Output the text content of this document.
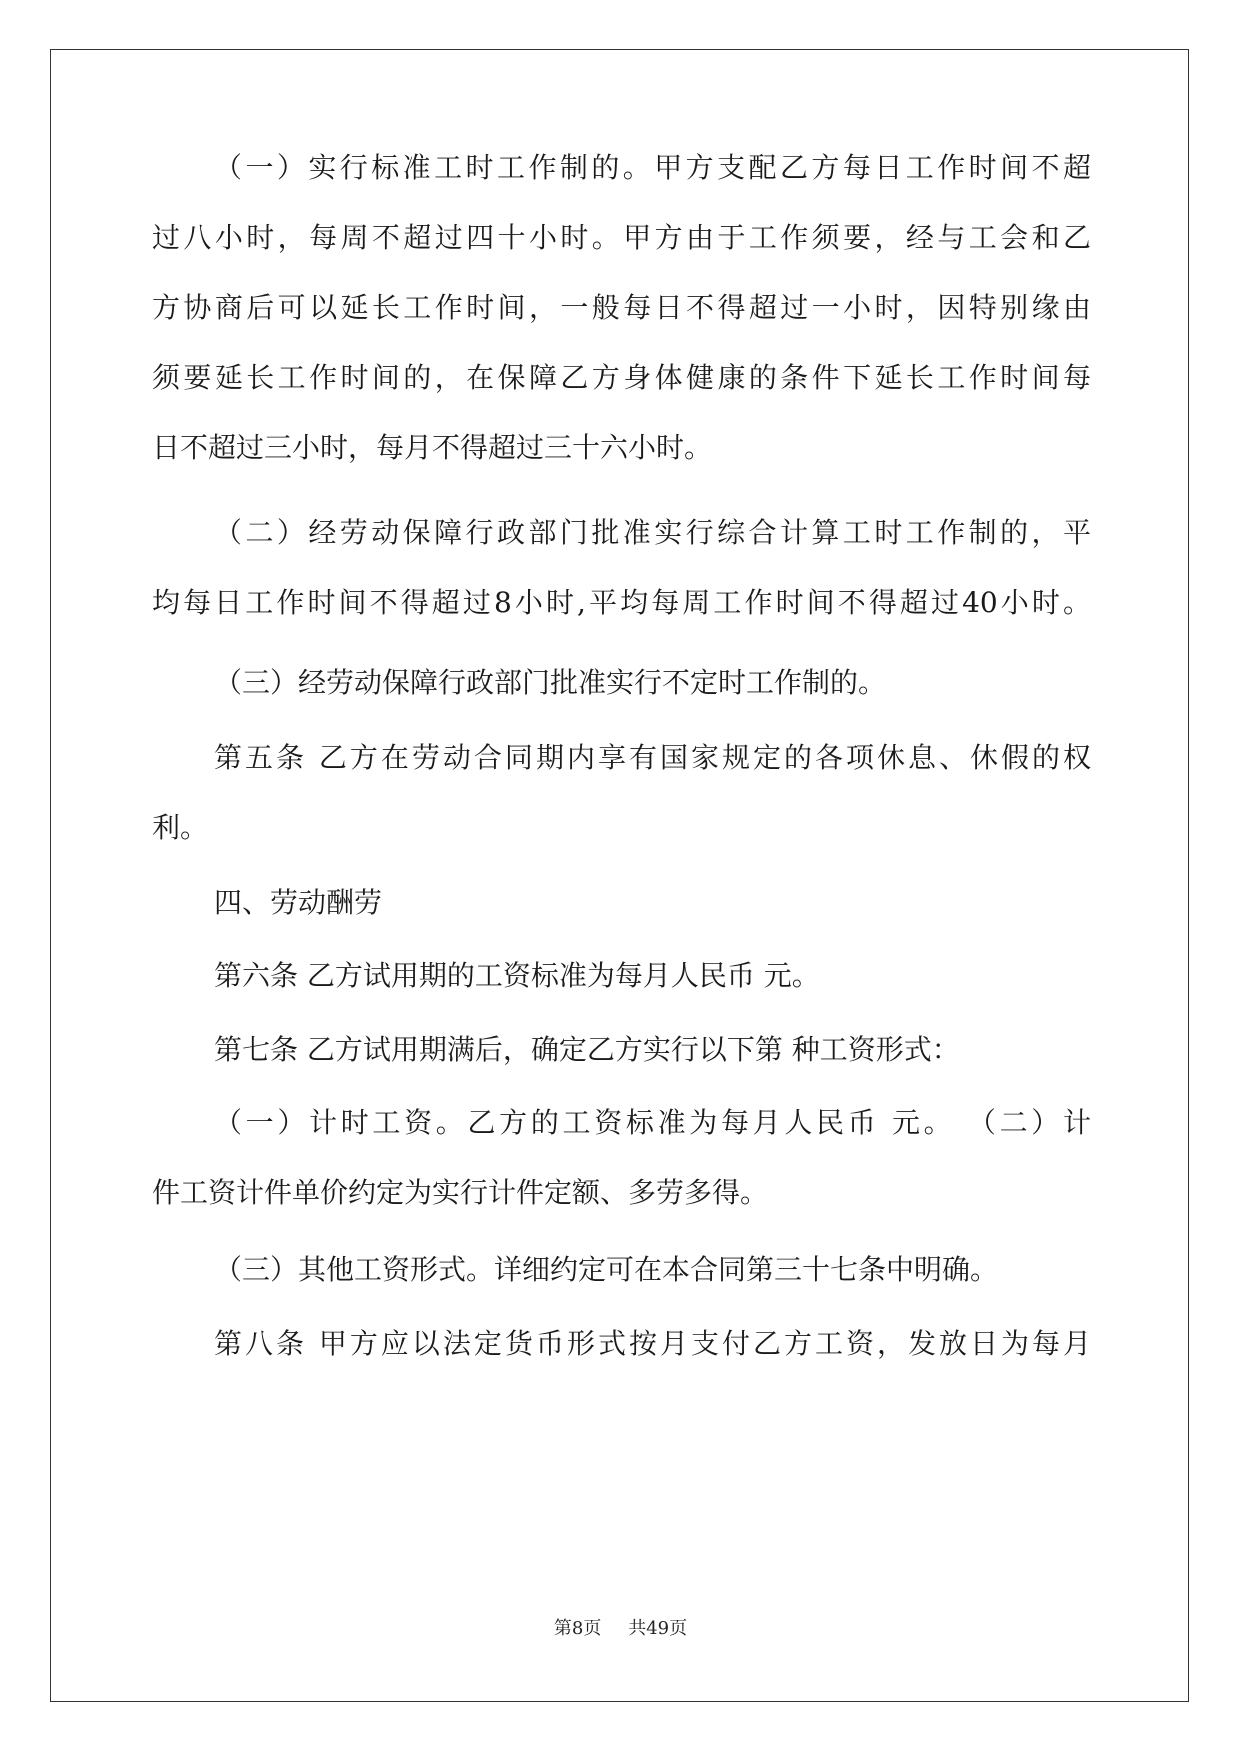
（一）实行标准工时工作制的。甲方支配乙方每日工作时间不超
过八小时，每周不超过四十小时。甲方由于工作须要，经与工会和乙
方协商后可以延长工作时间，一般每日不得超过一小时，因特别缘由
须要延长工作时间的，在保障乙方身体健康的条件下延长工作时间每
日不超过三小时，每月不得超过三十六小时。
（二）经劳动保障行政部门批准实行综合计算工时工作制的，平
均每日工作时间不得超过8小时,平均每周工作时间不得超过40小时。
（三）经劳动保障行政部门批准实行不定时工作制的。
第五条 乙方在劳动合同期内享有国家规定的各项休息、休假的权
利。
四、劳动酬劳
第六条 乙方试用期的工资标准为每月人民币 元。
第七条 乙方试用期满后，确定乙方实行以下第 种工资形式：
（一）计时工资。乙方的工资标准为每月人民币 元。 （二）计
件工资计件单价约定为实行计件定额、多劳多得。
（三）其他工资形式。详细约定可在本合同第三十七条中明确。
第八条 甲方应以法定货币形式按月支付乙方工资，发放日为每月
第8页 共49页
